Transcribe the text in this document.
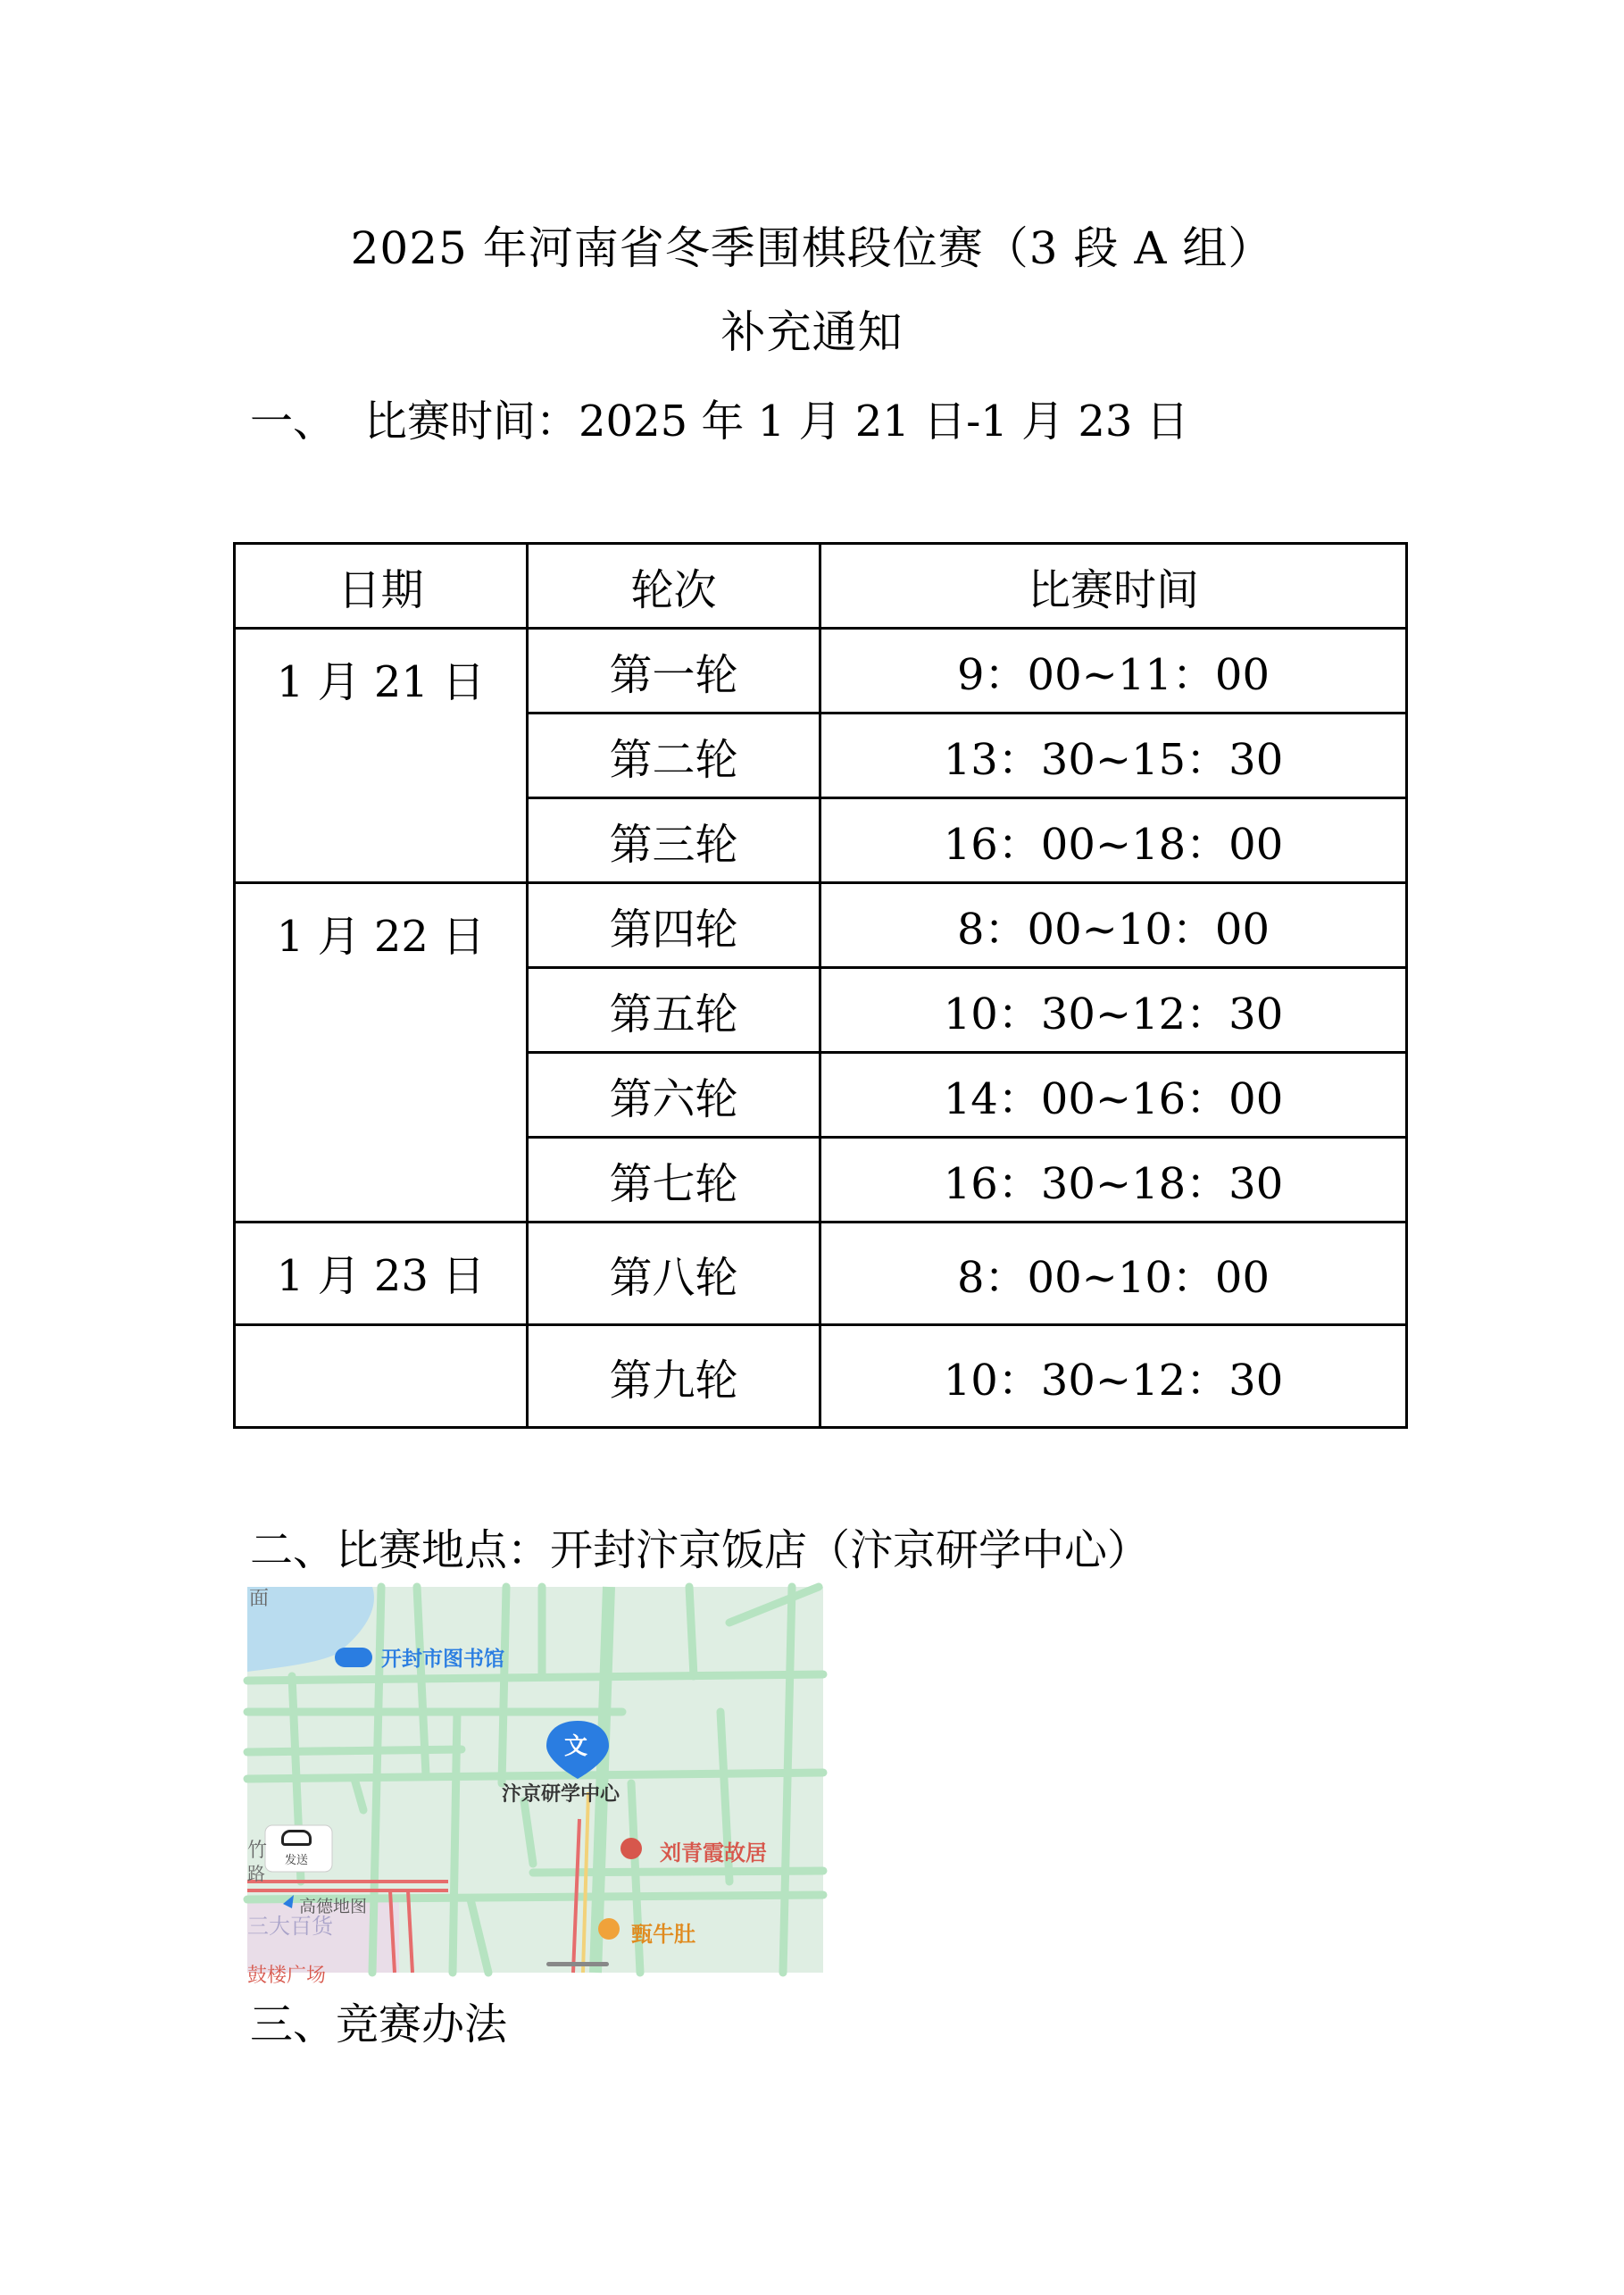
2025 年河南省冬季围棋段位赛（3 段 A 组）
补充通知
一、 比赛时间：2025 年 1 月 21 日-1 月 23 日
日期	轮次	比赛时间
1 月 21 日	第一轮	9：00~11：00
	第二轮	13：30~15：30
	第三轮	16：00~18：00
1 月 22 日	第四轮	8：00~10：00
	第五轮	10：30~12：30
	第六轮	14：00~16：00
	第七轮	16：30~18：30
1 月 23 日	第八轮	8：00~10：00
	第九轮	10：30~12：30
二、比赛地点：开封汴京饭店（汴京研学中心）
面
开封市图书馆
文
汴京研学中心
刘青霞故居
甄牛肚
发送
高德地图
竹
路
三大百货
鼓楼广场
三、竞赛办法
